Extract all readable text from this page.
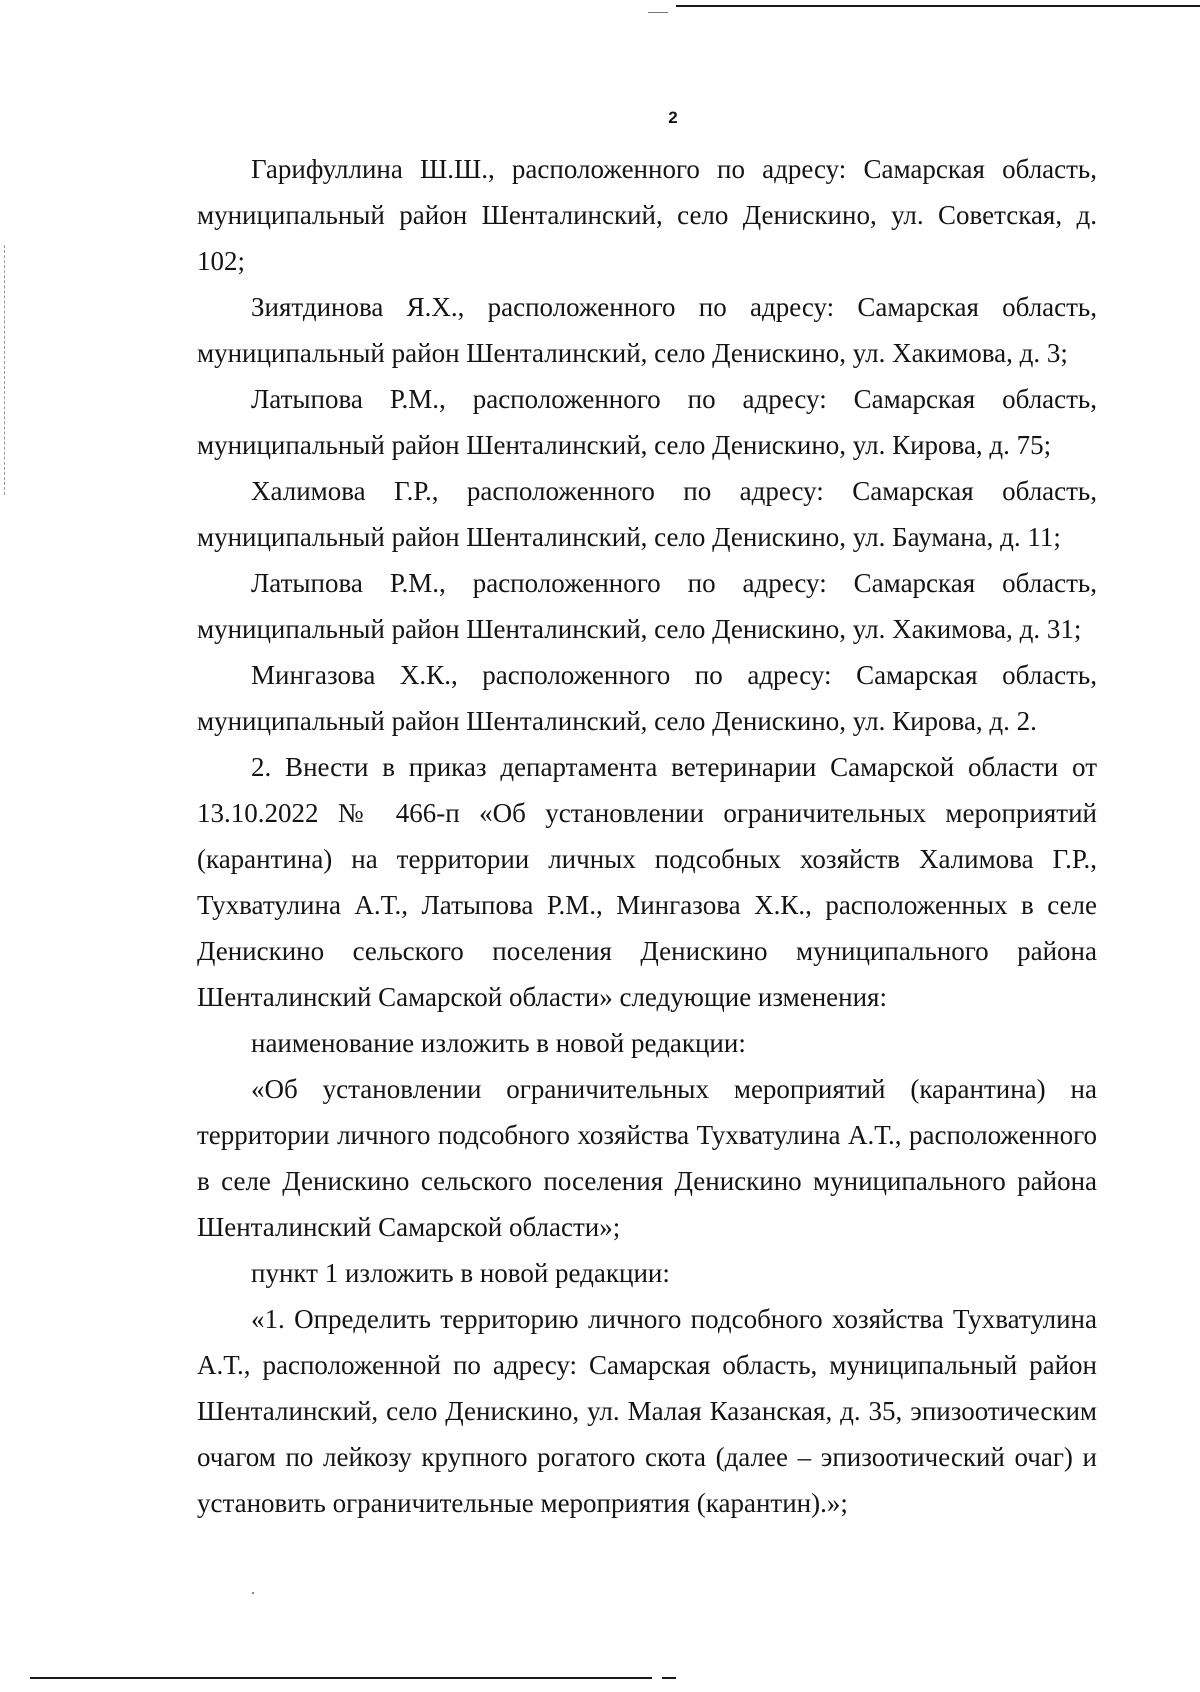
2

Гарифуллина Ш.Ш., расположенного по адресу: Самарская область, муниципальный район Шенталинский, село Денискино, ул. Советская, д. 102;

Зиятдинова Я.Х., расположенного по адресу: Самарская область, муниципальный район Шенталинский, село Денискино, ул. Хакимова, д. 3;

Латыпова Р.М., расположенного по адресу: Самарская область, муниципальный район Шенталинский, село Денискино, ул. Кирова, д. 75;

Халимова Г.Р., расположенного по адресу: Самарская область, муниципальный район Шенталинский, село Денискино, ул. Баумана, д. 11;

Латыпова Р.М., расположенного по адресу: Самарская область, муниципальный район Шенталинский, село Денискино, ул. Хакимова, д. 31;

Мингазова Х.К., расположенного по адресу: Самарская область, муниципальный район Шенталинский, село Денискино, ул. Кирова, д. 2.

2. Внести в приказ департамента ветеринарии Самарской области от 13.10.2022 № 466-п «Об установлении ограничительных мероприятий (карантина) на территории личных подсобных хозяйств Халимова Г.Р., Тухватулина А.Т., Латыпова Р.М., Мингазова Х.К., расположенных в селе Денискино сельского поселения Денискино муниципального района Шенталинский Самарской области» следующие изменения:

наименование изложить в новой редакции:

«Об установлении ограничительных мероприятий (карантина) на территории личного подсобного хозяйства Тухватулина А.Т., расположенного в селе Денискино сельского поселения Денискино муниципального района Шенталинский Самарской области»;

пункт 1 изложить в новой редакции:

«1. Определить территорию личного подсобного хозяйства Тухватулина А.Т., расположенной по адресу: Самарская область, муниципальный район Шенталинский, село Денискино, ул. Малая Казанская, д. 35, эпизоотическим очагом по лейкозу крупного рогатого скота (далее – эпизоотический очаг) и установить ограничительные мероприятия (карантин).»;
